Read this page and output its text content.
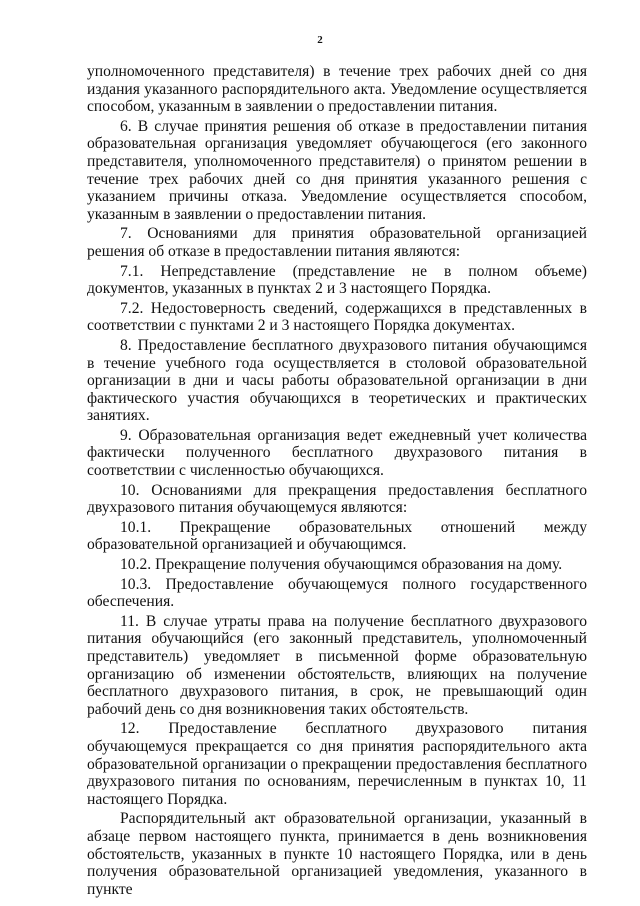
2

уполномоченного представителя) в течение трех рабочих дней со дня издания указанного распорядительного акта. Уведомление осуществляется способом, указанным в заявлении о предоставлении питания.

6. В случае принятия решения об отказе в предоставлении питания образовательная организация уведомляет обучающегося (его законного представителя, уполномоченного представителя) о принятом решении в течение трех рабочих дней со дня принятия указанного решения с указанием причины отказа. Уведомление осуществляется способом, указанным в заявлении о предоставлении питания.

7. Основаниями для принятия образовательной организацией решения об отказе в предоставлении питания являются:

7.1. Непредставление (представление не в полном объеме) документов, указанных в пунктах 2 и 3 настоящего Порядка.

7.2. Недостоверность сведений, содержащихся в представленных в соответствии с пунктами 2 и 3 настоящего Порядка документах.

8. Предоставление бесплатного двухразового питания обучающимся в течение учебного года осуществляется в столовой образовательной организации в дни и часы работы образовательной организации в дни фактического участия обучающихся в теоретических и практических занятиях.

9. Образовательная организация ведет ежедневный учет количества фактически полученного бесплатного двухразового питания в соответствии с численностью обучающихся.

10. Основаниями для прекращения предоставления бесплатного двухразового питания обучающемуся являются:

10.1. Прекращение образовательных отношений между образовательной организацией и обучающимся.

10.2. Прекращение получения обучающимся образования на дому.

10.3. Предоставление обучающемуся полного государственного обеспечения.

11. В случае утраты права на получение бесплатного двухразового питания обучающийся (его законный представитель, уполномоченный представитель) уведомляет в письменной форме образовательную организацию об изменении обстоятельств, влияющих на получение бесплатного двухразового питания, в срок, не превышающий один рабочий день со дня возникновения таких обстоятельств.

12. Предоставление бесплатного двухразового питания обучающемуся прекращается со дня принятия распорядительного акта образовательной организации о прекращении предоставления бесплатного двухразового питания по основаниям, перечисленным в пунктах 10, 11 настоящего Порядка.

Распорядительный акт образовательной организации, указанный в абзаце первом настоящего пункта, принимается в день возникновения обстоятельств, указанных в пункте 10 настоящего Порядка, или в день получения образовательной организацией уведомления, указанного в пункте
